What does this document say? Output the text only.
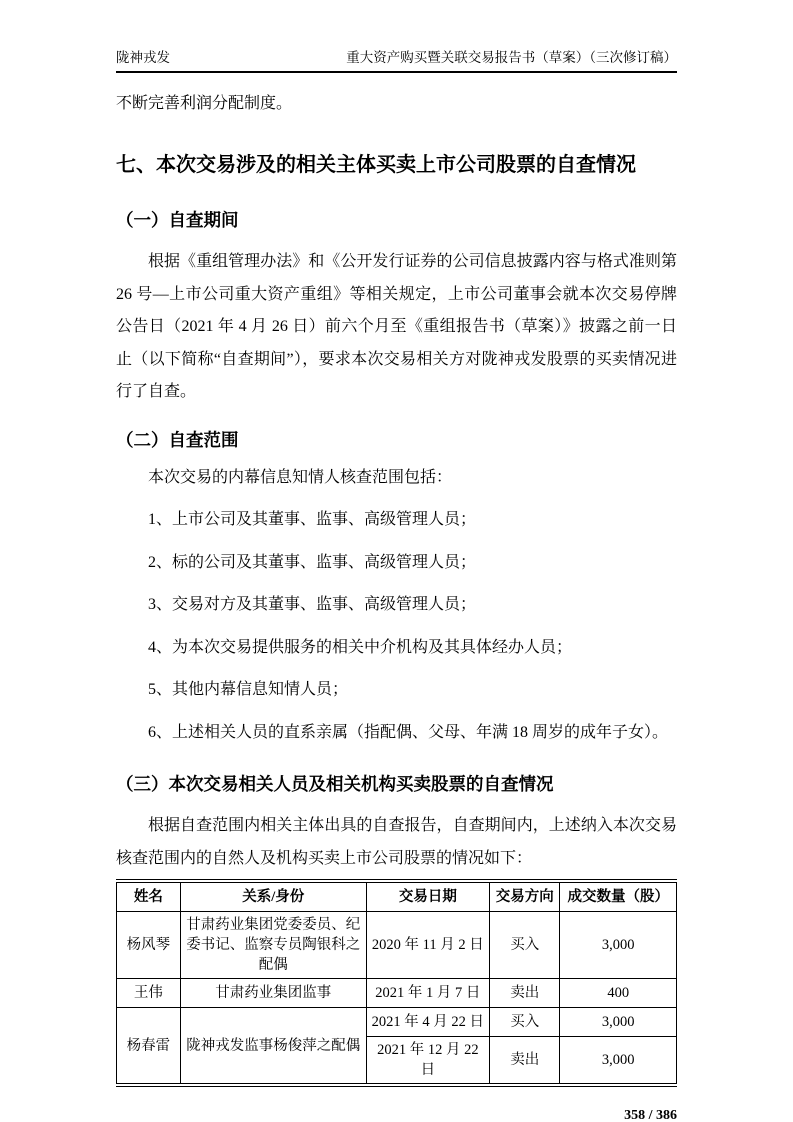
陇神戎发	重大资产购买暨关联交易报告书（草案）（三次修订稿）

不断完善利润分配制度。

七、本次交易涉及的相关主体买卖上市公司股票的自查情况
（一）自查期间

根据《重组管理办法》和《公开发行证券的公司信息披露内容与格式准则第 26 号—上市公司重大资产重组》等相关规定，上市公司董事会就本次交易停牌公告日（2021 年 4 月 26 日）前六个月至《重组报告书（草案）》披露之前一日止（以下简称“自查期间”），要求本次交易相关方对陇神戎发股票的买卖情况进行了自查。

（二）自查范围

本次交易的内幕信息知情人核查范围包括：

1、上市公司及其董事、监事、高级管理人员；

2、标的公司及其董事、监事、高级管理人员；

3、交易对方及其董事、监事、高级管理人员；

4、为本次交易提供服务的相关中介机构及其具体经办人员；

5、其他内幕信息知情人员；

6、上述相关人员的直系亲属（指配偶、父母、年满 18 周岁的成年子女）。

（三）本次交易相关人员及相关机构买卖股票的自查情况

根据自查范围内相关主体出具的自查报告，自查期间内，上述纳入本次交易核查范围内的自然人及机构买卖上市公司股票的情况如下：

姓名	关系/身份	交易日期	交易方向	成交数量（股）
杨风琴	甘肃药业集团党委委员、纪委书记、监察专员陶银科之配偶	2020 年 11 月 2 日	买入	3,000
王伟	甘肃药业集团监事	2021 年 1 月 7 日	卖出	400
杨春雷	陇神戎发监事杨俊萍之配偶	2021 年 4 月 22 日	买入	3,000
		2021 年 12 月 22 日	卖出	3,000
358 / 386
